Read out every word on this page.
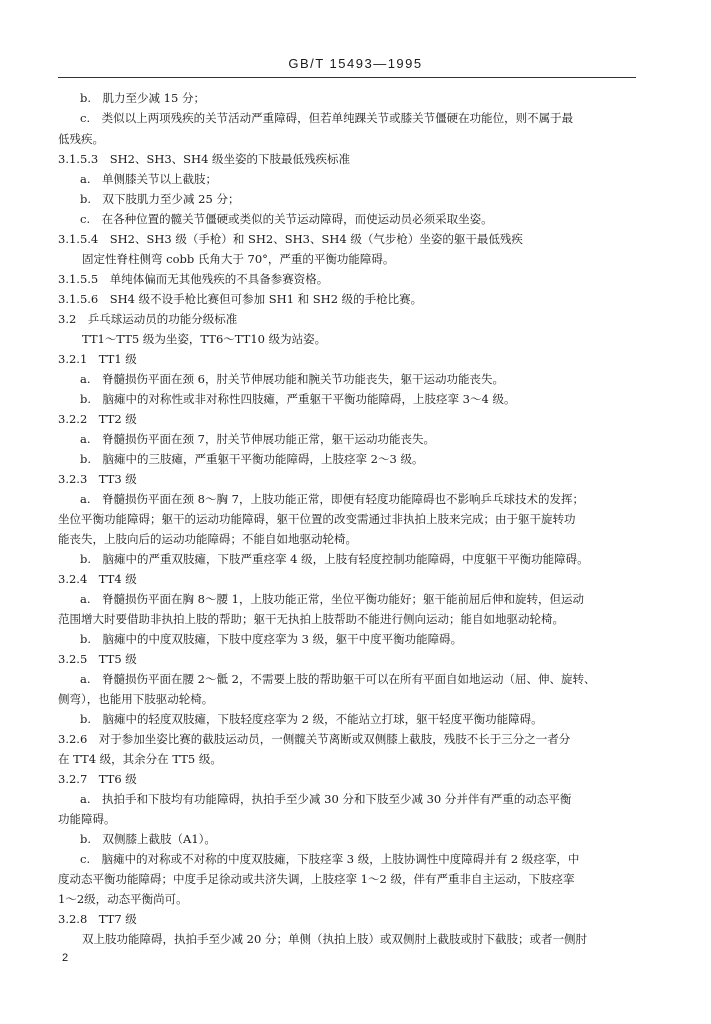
GB/T 15493—1995
b.　肌力至少减 15 分；
c.　类似以上两项残疾的关节活动严重障碍，但若单纯踝关节或膝关节僵硬在功能位，则不属于最
低残疾。
3.1.5.3　SH2、SH3、SH4 级坐姿的下肢最低残疾标准
a.　单侧膝关节以上截肢；
b.　双下肢肌力至少减 25 分；
c.　在各种位置的髋关节僵硬或类似的关节运动障碍，而使运动员必须采取坐姿。
3.1.5.4　SH2、SH3 级（手枪）和 SH2、SH3、SH4 级（气步枪）坐姿的躯干最低残疾
固定性脊柱侧弯 cobb 氏角大于 70°，严重的平衡功能障碍。
3.1.5.5　单纯体偏而无其他残疾的不具备参赛资格。
3.1.5.6　SH4 级不设手枪比赛但可参加 SH1 和 SH2 级的手枪比赛。
3.2　乒乓球运动员的功能分级标准
TT1～TT5 级为坐姿，TT6～TT10 级为站姿。
3.2.1　TT1 级
a.　脊髓损伤平面在颈 6，肘关节伸展功能和腕关节功能丧失，躯干运动功能丧失。
b.　脑瘫中的对称性或非对称性四肢瘫，严重躯干平衡功能障碍，上肢痉挛 3～4 级。
3.2.2　TT2 级
a.　脊髓损伤平面在颈 7，肘关节伸展功能正常，躯干运动功能丧失。
b.　脑瘫中的三肢瘫，严重躯干平衡功能障碍，上肢痉挛 2～3 级。
3.2.3　TT3 级
a.　脊髓损伤平面在颈 8～胸 7，上肢功能正常，即便有轻度功能障碍也不影响乒乓球技术的发挥；
坐位平衡功能障碍；躯干的运动功能障碍，躯干位置的改变需通过非执拍上肢来完成；由于躯干旋转功
能丧失，上肢向后的运动功能障碍；不能自如地驱动轮椅。
b.　脑瘫中的严重双肢瘫，下肢严重痉挛 4 级，上肢有轻度控制功能障碍，中度躯干平衡功能障碍。
3.2.4　TT4 级
a.　脊髓损伤平面在胸 8～腰 1，上肢功能正常，坐位平衡功能好；躯干能前屈后伸和旋转，但运动
范围增大时要借助非执拍上肢的帮助；躯干无执拍上肢帮助不能进行侧向运动；能自如地驱动轮椅。
b.　脑瘫中的中度双肢瘫，下肢中度痉挛为 3 级，躯干中度平衡功能障碍。
3.2.5　TT5 级
a.　脊髓损伤平面在腰 2～骶 2，不需要上肢的帮助躯干可以在所有平面自如地运动（屈、伸、旋转、
侧弯），也能用下肢驱动轮椅。
b.　脑瘫中的轻度双肢瘫，下肢轻度痉挛为 2 级，不能站立打球，躯干轻度平衡功能障碍。
3.2.6　对于参加坐姿比赛的截肢运动员，一侧髋关节离断或双侧膝上截肢，残肢不长于三分之一者分
在 TT4 级，其余分在 TT5 级。
3.2.7　TT6 级
a.　执拍手和下肢均有功能障碍，执拍手至少减 30 分和下肢至少减 30 分并伴有严重的动态平衡
功能障碍。
b.　双侧膝上截肢（A1）。
c.　脑瘫中的对称或不对称的中度双肢瘫，下肢痉挛 3 级，上肢协调性中度障碍并有 2 级痉挛，中
度动态平衡功能障碍；中度手足徐动或共济失调，上肢痉挛 1～2 级，伴有严重非自主运动，下肢痉挛
1～2级，动态平衡尚可。
3.2.8　TT7 级
双上肢功能障碍，执拍手至少减 20 分；单侧（执拍上肢）或双侧肘上截肢或肘下截肢；或者一侧肘
2
